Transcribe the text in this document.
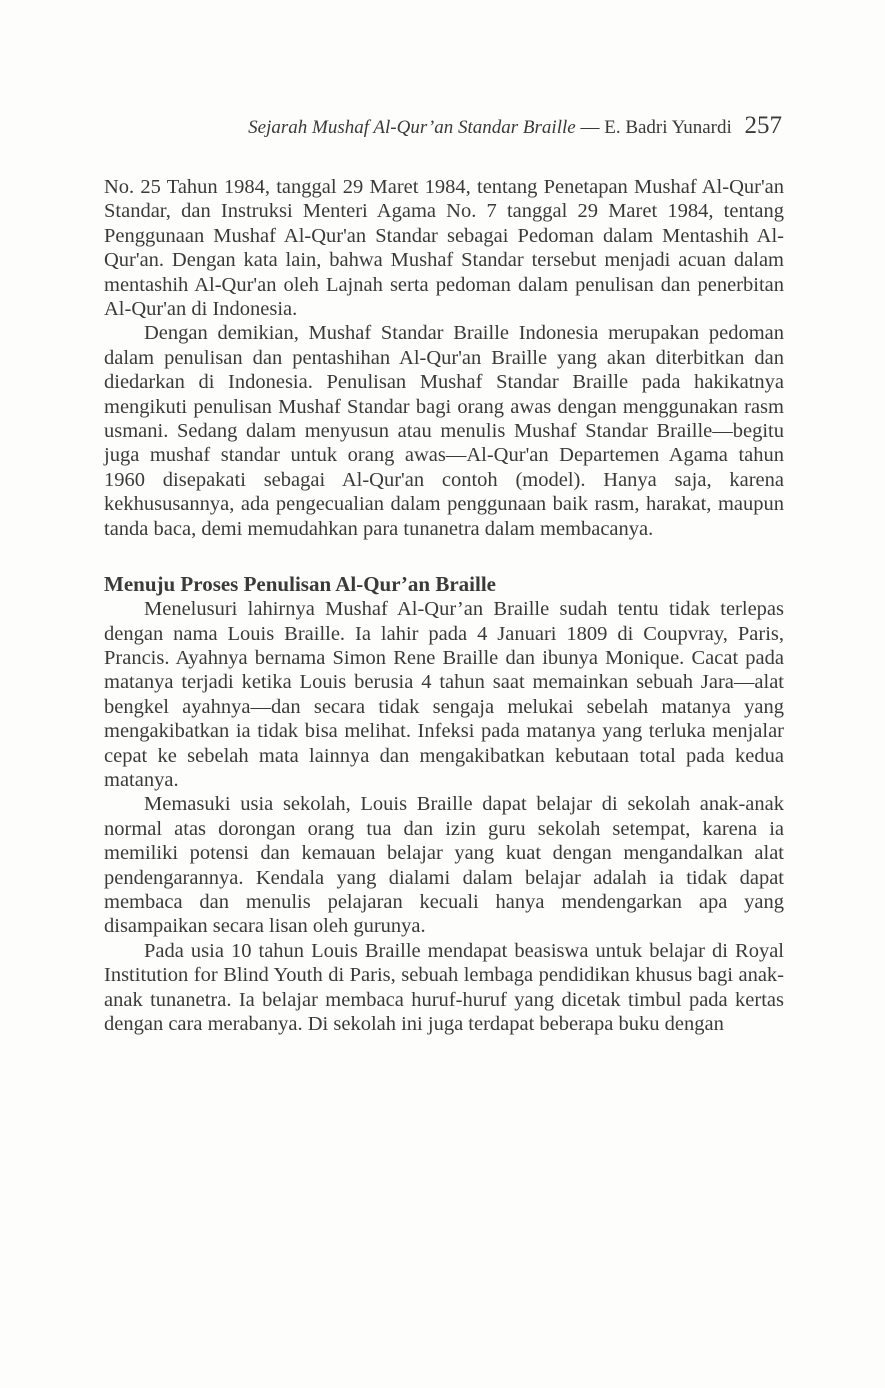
Sejarah Mushaf Al-Qur’an Standar Braille — E. Badri Yunardi 257

No. 25 Tahun 1984, tanggal 29 Maret 1984, tentang Penetapan Mushaf Al-Qur'an Standar, dan Instruksi Menteri Agama No. 7 tanggal 29 Maret 1984, tentang Penggunaan Mushaf Al-Qur'an Standar sebagai Pedoman dalam Mentashih Al-Qur'an. Dengan kata lain, bahwa Mushaf Standar tersebut menjadi acuan dalam mentashih Al-Qur'an oleh Lajnah serta pedoman dalam penulisan dan penerbitan Al-Qur'an di Indonesia.

Dengan demikian, Mushaf Standar Braille Indonesia merupakan pedoman dalam penulisan dan pentashihan Al-Qur'an Braille yang akan diterbitkan dan diedarkan di Indonesia. Penulisan Mushaf Standar Braille pada hakikatnya mengikuti penulisan Mushaf Standar bagi orang awas dengan menggunakan rasm usmani. Sedang dalam menyusun atau menulis Mushaf Standar Braille—begitu juga mushaf standar untuk orang awas—Al-Qur'an Departemen Agama tahun 1960 disepakati sebagai Al-Qur'an contoh (model). Hanya saja, karena kekhususannya, ada pengecualian dalam penggunaan baik rasm, harakat, maupun tanda baca, demi memudahkan para tunanetra dalam membacanya.

Menuju Proses Penulisan Al-Qur’an Braille

Menelusuri lahirnya Mushaf Al-Qur’an Braille sudah tentu tidak terlepas dengan nama Louis Braille. Ia lahir pada 4 Januari 1809 di Coupvray, Paris, Prancis. Ayahnya bernama Simon Rene Braille dan ibunya Monique. Cacat pada matanya terjadi ketika Louis berusia 4 tahun saat memainkan sebuah Jara—alat bengkel ayahnya—dan secara tidak sengaja melukai sebelah matanya yang mengakibatkan ia tidak bisa melihat. Infeksi pada matanya yang terluka menjalar cepat ke sebelah mata lainnya dan mengakibatkan kebutaan total pada kedua matanya.

Memasuki usia sekolah, Louis Braille dapat belajar di sekolah anak-anak normal atas dorongan orang tua dan izin guru sekolah setempat, karena ia memiliki potensi dan kemauan belajar yang kuat dengan mengandalkan alat pendengarannya. Kendala yang dialami dalam belajar adalah ia tidak dapat membaca dan menulis pelajaran kecuali hanya mendengarkan apa yang disampaikan secara lisan oleh gurunya.

Pada usia 10 tahun Louis Braille mendapat beasiswa untuk belajar di Royal Institution for Blind Youth di Paris, sebuah lembaga pendidikan khusus bagi anak-anak tunanetra. Ia belajar membaca huruf-huruf yang dicetak timbul pada kertas dengan cara merabanya. Di sekolah ini juga terdapat beberapa buku dengan
